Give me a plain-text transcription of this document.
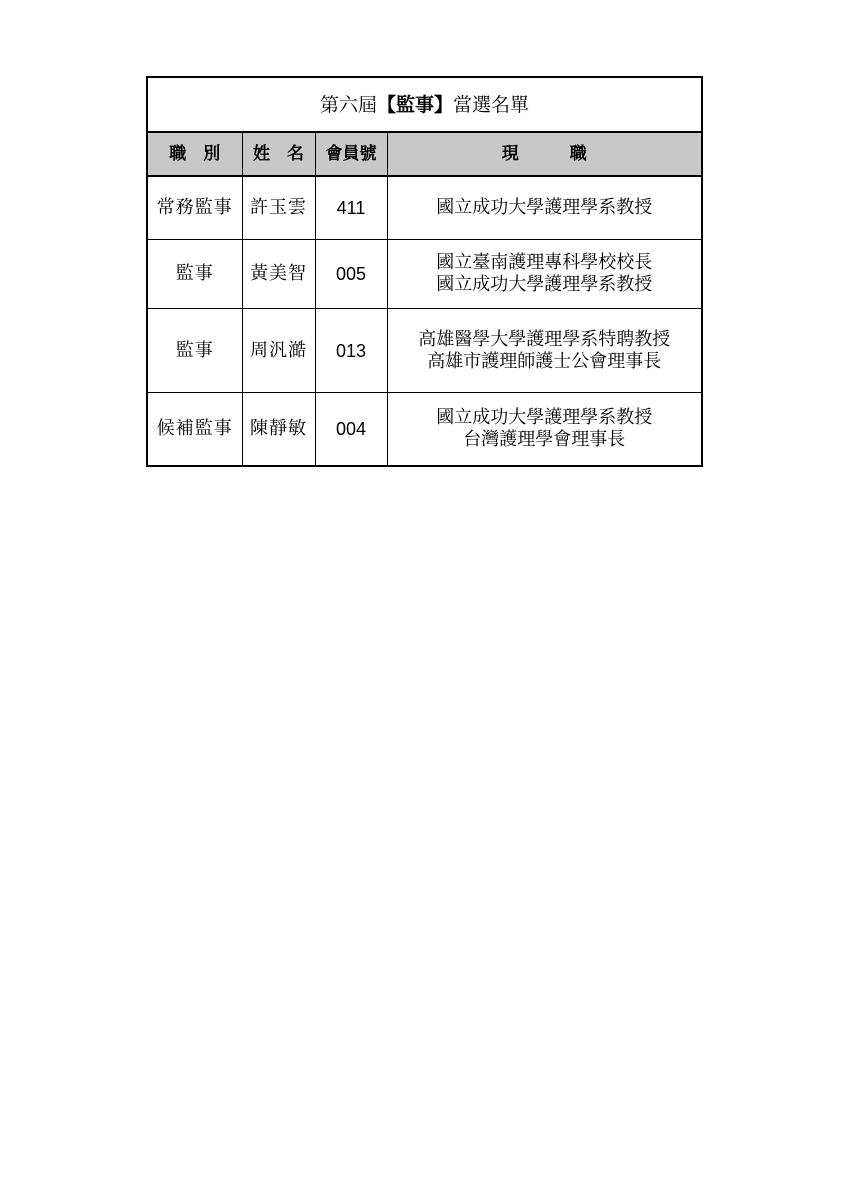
第六屆【監事】當選名單			
職　別	姓　名	會員號	現　　　職
常務監事	許玉雲	411	國立成功大學護理學系教授

監事	黃美智	005	國立臺南護理專科學校校長
國立成功大學護理學系教授

監事	周汎澔	013	高雄醫學大學護理學系特聘教授
高雄市護理師護士公會理事長

候補監事	陳靜敏	004	國立成功大學護理學系教授
台灣護理學會理事長
